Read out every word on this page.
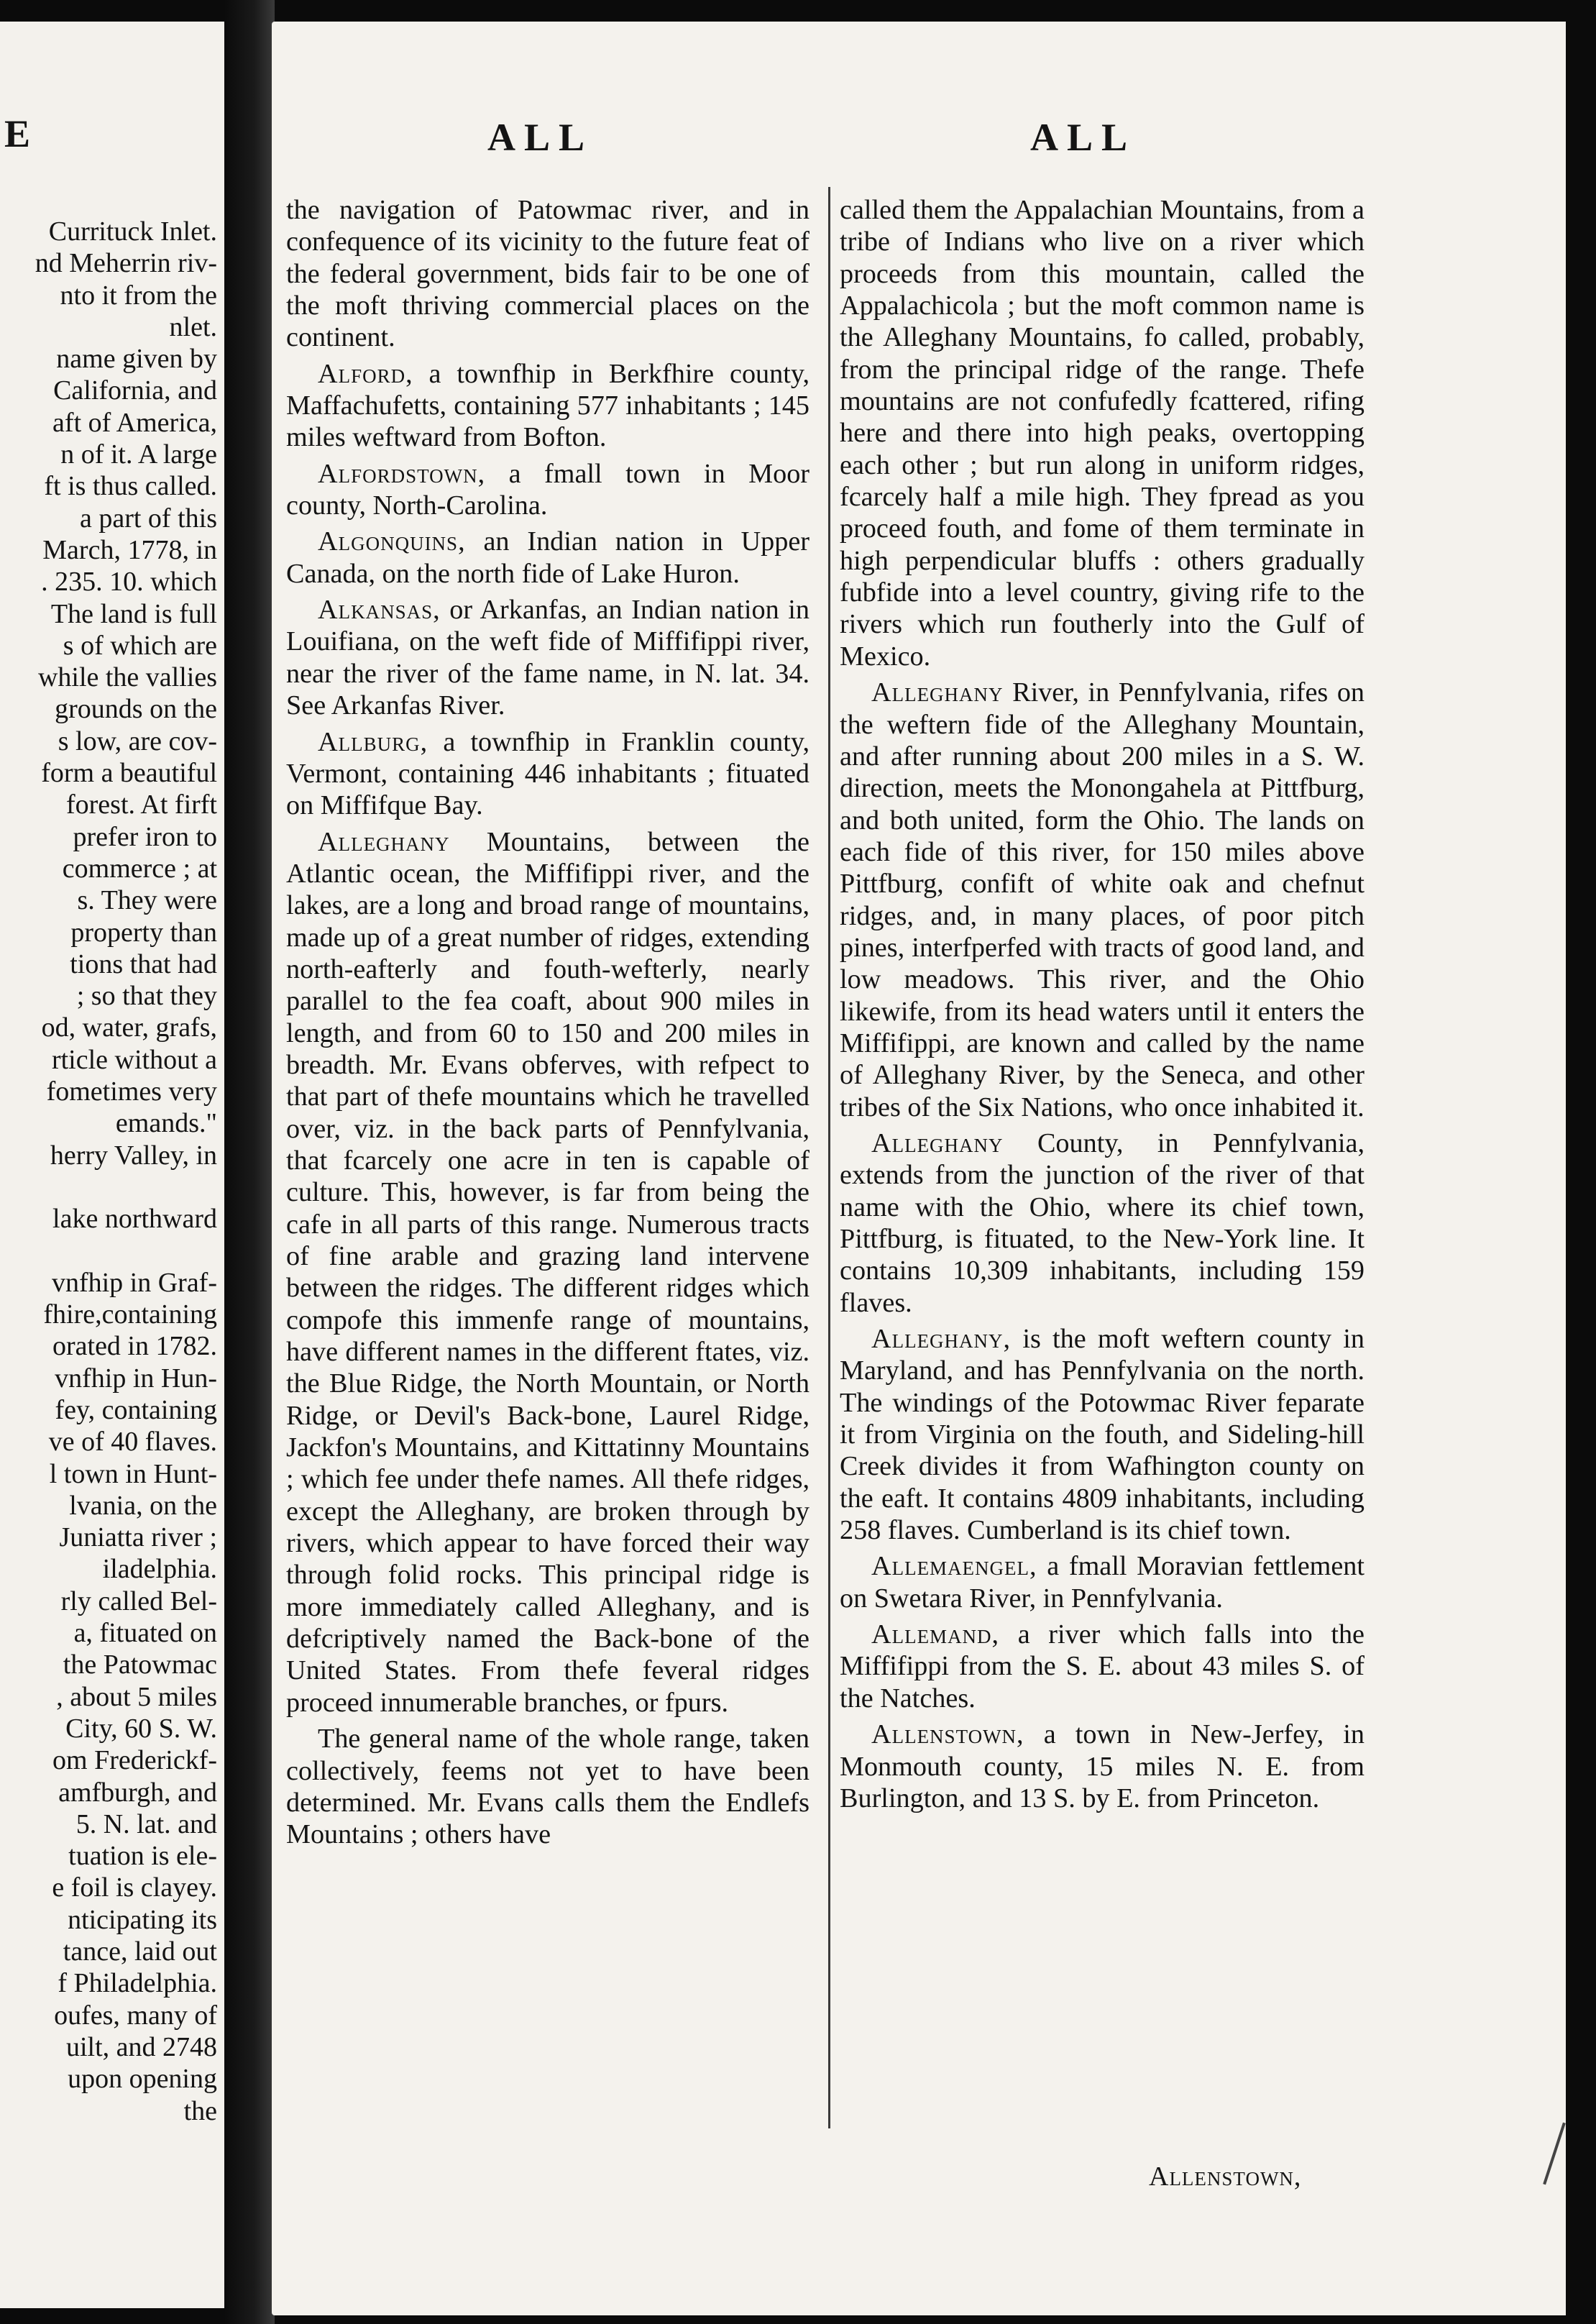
E
Currituck Inlet.
nd Meherrin riv-
nto it from the
nlet.
name given by
California, and
aft of America,
n of it. A large
ft is thus called.
a part of this
March, 1778, in
. 235. 10. which
The land is full
s of which are
while the vallies
grounds on the
s low, are cov-
form a beautiful
forest. At firft
prefer iron to
commerce ; at
s. They were
property than
tions that had
; so that they
od, water, grafs,
rticle without a
fometimes very
emands."
herry Valley, in

lake northward

vnfhip in Graf-
fhire,containing
orated in 1782.
vnfhip in Hun-
fey, containing
ve of 40 flaves.
l town in Hunt-
lvania, on the
Juniatta river ;
iladelphia.
rly called Bel-
a, fituated on
the Patowmac
, about 5 miles
City, 60 S. W.
om Frederickf-
amfburgh, and
5. N. lat. and
tuation is ele-
e foil is clayey.
nticipating its
tance, laid out
f Philadelphia.
oufes, many of
uilt, and 2748
upon opening
the
ALL	ALL

the navigation of Patowmac river, and in confequence of its vicinity to the future feat of the federal government, bids fair to be one of the moft thriving commercial places on the continent.

Alford, a townfhip in Berkfhire county, Maffachufetts, containing 577 inhabitants ; 145 miles weftward from Bofton.

Alfordstown, a fmall town in Moor county, North-Carolina.

Algonquins, an Indian nation in Upper Canada, on the north fide of Lake Huron.

Alkansas, or Arkanfas, an Indian nation in Louifiana, on the weft fide of Miffifippi river, near the river of the fame name, in N. lat. 34. See Arkanfas River.

Allburg, a townfhip in Franklin county, Vermont, containing 446 inhabitants ; fituated on Miffifque Bay.

Alleghany Mountains, between the Atlantic ocean, the Miffifippi river, and the lakes, are a long and broad range of mountains, made up of a great number of ridges, extending north-eafterly and fouth-wefterly, nearly parallel to the fea coaft, about 900 miles in length, and from 60 to 150 and 200 miles in breadth. Mr. Evans obferves, with refpect to that part of thefe mountains which he travelled over, viz. in the back parts of Pennfylvania, that fcarcely one acre in ten is capable of culture. This, however, is far from being the cafe in all parts of this range. Numerous tracts of fine arable and grazing land intervene between the ridges. The different ridges which compofe this immenfe range of mountains, have different names in the different ftates, viz. the Blue Ridge, the North Mountain, or North Ridge, or Devil's Back-bone, Laurel Ridge, Jackfon's Mountains, and Kittatinny Mountains ; which fee under thefe names. All thefe ridges, except the Alleghany, are broken through by rivers, which appear to have forced their way through folid rocks. This principal ridge is more immediately called Alleghany, and is defcriptively named the Back-bone of the United States. From thefe feveral ridges proceed innumerable branches, or fpurs.

The general name of the whole range, taken collectively, feems not yet to have been determined. Mr. Evans calls them the Endlefs Mountains ; others have

called them the Appalachian Mountains, from a tribe of Indians who live on a river which proceeds from this mountain, called the Appalachicola ; but the moft common name is the Alleghany Mountains, fo called, probably, from the principal ridge of the range. Thefe mountains are not confufedly fcattered, rifing here and there into high peaks, overtopping each other ; but run along in uniform ridges, fcarcely half a mile high. They fpread as you proceed fouth, and fome of them terminate in high perpendicular bluffs : others gradually fubfide into a level country, giving rife to the rivers which run foutherly into the Gulf of Mexico.

Alleghany River, in Pennfylvania, rifes on the weftern fide of the Alleghany Mountain, and after running about 200 miles in a S. W. direction, meets the Monongahela at Pittfburg, and both united, form the Ohio. The lands on each fide of this river, for 150 miles above Pittfburg, confift of white oak and chefnut ridges, and, in many places, of poor pitch pines, interfperfed with tracts of good land, and low meadows. This river, and the Ohio likewife, from its head waters until it enters the Miffifippi, are known and called by the name of Alleghany River, by the Seneca, and other tribes of the Six Nations, who once inhabited it.

Alleghany County, in Pennfylvania, extends from the junction of the river of that name with the Ohio, where its chief town, Pittfburg, is fituated, to the New-York line. It contains 10,309 inhabitants, including 159 flaves.

Alleghany, is the moft weftern county in Maryland, and has Pennfylvania on the north. The windings of the Potowmac River feparate it from Virginia on the fouth, and Sideling-hill Creek divides it from Wafhington county on the eaft. It contains 4809 inhabitants, including 258 flaves. Cumberland is its chief town.

Allemaengel, a fmall Moravian fettlement on Swetara River, in Pennfylvania.

Allemand, a river which falls into the Miffifippi from the S. E. about 43 miles S. of the Natches.

Allenstown, a town in New-Jerfey, in Monmouth county, 15 miles N. E. from Burlington, and 13 S. by E. from Princeton.

Allenstown,
